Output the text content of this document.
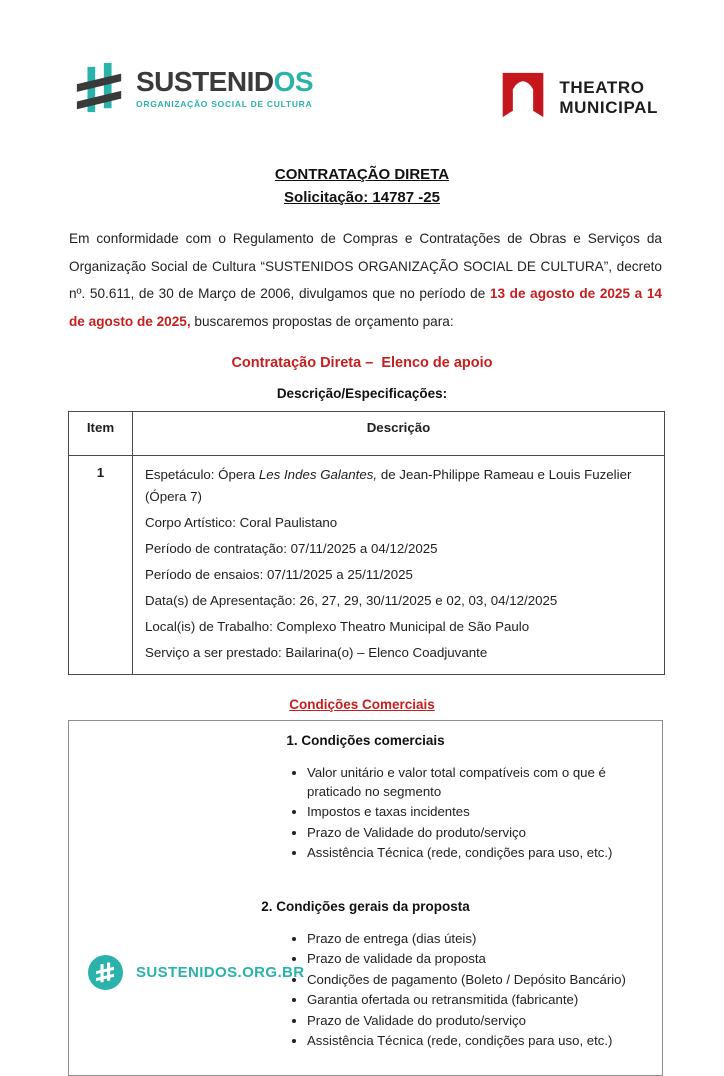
SUSTENIDOS
ORGANIZAÇÃO SOCIAL DE CULTURA
THEATRO
MUNICIPAL
CONTRATAÇÃO DIRETA
Solicitação: 14787 -25

Em conformidade com o Regulamento de Compras e Contratações de Obras e Serviços da Organização Social de Cultura “SUSTENIDOS ORGANIZAÇÃO SOCIAL DE CULTURA”, decreto nº. 50.611, de 30 de Março de 2006, divulgamos que no período de 13 de agosto de 2025 a 14 de agosto de 2025, buscaremos propostas de orçamento para:

Contratação Direta –  Elenco de apoio
Descrição/Especificações:
Item	Descrição
1	Espetáculo: Ópera Les Indes Galantes, de Jean-Philippe Rameau e Louis Fuzelier (Ópera 7)
Corpo Artístico: Coral Paulistano
Período de contratação: 07/11/2025 a 04/12/2025
Período de ensaios: 07/11/2025 a 25/11/2025
Data(s) de Apresentação: 26, 27, 29, 30/11/2025 e 02, 03, 04/12/2025
Local(is) de Trabalho: Complexo Theatro Municipal de São Paulo
Serviço a ser prestado: Bailarina(o) – Elenco Coadjuvante
Condições Comerciais
1. Condições comerciais
• Valor unitário e valor total compatíveis com o que é praticado no segmento
• Impostos e taxas incidentes
• Prazo de Validade do produto/serviço
• Assistência Técnica (rede, condições para uso, etc.)
2. Condições gerais da proposta
• Prazo de entrega (dias úteis)
• Prazo de validade da proposta
• Condições de pagamento (Boleto / Depósito Bancário)
• Garantia ofertada ou retransmitida (fabricante)
• Prazo de Validade do produto/serviço
• Assistência Técnica (rede, condições para uso, etc.)
SUSTENIDOS.ORG.BR
